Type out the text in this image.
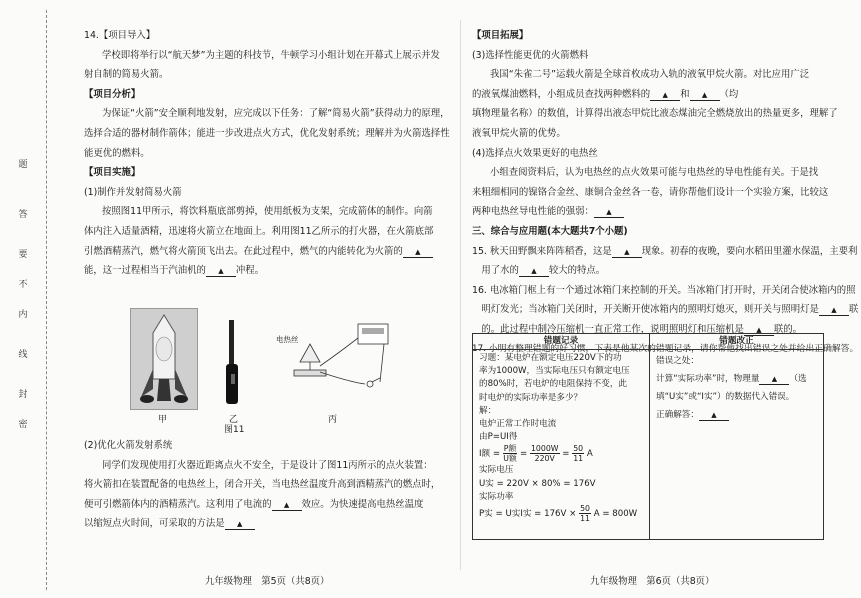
题
答
要
不
内
线
封
密

14.【项目导入】

学校即将举行以“航天梦”为主题的科技节，牛顿学习小组计划在开幕式上展示并发

射自制的简易火箭。

【项目分析】

为保证“火箭”安全顺利地发射，应完成以下任务：了解“简易火箭”获得动力的原理，

选择合适的器材制作箭体；能进一步改进点火方式，优化发射系统；理解并为火箭选择性

能更优的燃料。

【项目实施】

(1)制作并发射简易火箭

按照图11甲所示，将饮料瓶底部剪掉，使用纸板为支架，完成箭体的制作。向箭

体内注入适量酒精，迅速将火箭立在地面上。利用图11乙所示的打火器，在火箭底部

引燃酒精蒸汽，燃气将火箭顶飞出去。在此过程中，燃气的内能转化为火箭的 ▲

能，这一过程相当于汽油机的 ▲ 冲程。

甲	乙
电热丝
丙
图11

(2)优化火箭发射系统

同学们发现使用打火器近距离点火不安全，于是设计了图11丙所示的点火装置：

将火箭扣在装置配备的电热丝上，闭合开关，当电热丝温度升高到酒精蒸汽的燃点时，

便可引燃箭体内的酒精蒸汽。这利用了电流的 ▲ 效应。为快速提高电热丝温度

以缩短点火时间，可采取的方法是 ▲

九年级物理　第5页（共8页）

【项目拓展】

(3)选择性能更优的火箭燃料

我国“朱雀二号”运载火箭是全球首枚成功入轨的液氧甲烷火箭。对比应用广泛

的液氧煤油燃料，小组成员查找两种燃料的 ▲ 和 ▲ （均

填物理量名称）的数值，计算得出液态甲烷比液态煤油完全燃烧放出的热量更多，理解了

液氧甲烷火箭的优势。

(4)选择点火效果更好的电热丝

小组查阅资料后，认为电热丝的点火效果可能与电热丝的导电性能有关。于是找

来粗细相同的镍铬合金丝、康铜合金丝各一卷，请你帮他们设计一个实验方案，比较这

两种电热丝导电性能的强弱： ▲

三、综合与应用题(本大题共7个小题)

15. 秋天田野飘来阵阵稻香，这是 ▲ 现象。初春的夜晚，要向水稻田里灌水保温，主要利

　用了水的 ▲ 较大的特点。

16. 电冰箱门框上有一个通过冰箱门来控制的开关。当冰箱门打开时，开关闭合使冰箱内的照

　明灯发光；当冰箱门关闭时，开关断开使冰箱内的照明灯熄灭，则开关与照明灯是 ▲ 联

　的。此过程中制冷压缩机一直正常工作，说明照明灯和压缩机是 ▲ 联的。

17. 小明有整理错题的好习惯，下表是他某次的错题记录，请你帮他找出错误之处并给出正确解答。

错题记录
习题：某电炉在额定电压220V下的功
率为1000W，当实际电压只有额定电压
的80%时，若电炉的电阻保持不变，此
时电炉的实际功率是多少？
解：
电炉正常工作时电流
由P=UI得
I额 = $\frac{\text{P额}}{\text{U额}} = \frac{1000W}{220V} = \frac{50}{11}$ A
实际电压
U实 = 220V × 80% = 176V
实际功率
P实 = U实I实 = $176V \times \frac{50}{11}$ A = 800W
错题改正
错误之处：
计算“实际功率”时，物理量 ▲ （选
填“U实”或“I实”）的数据代入错误。
正确解答： ▲
九年级物理　第6页（共8页）
